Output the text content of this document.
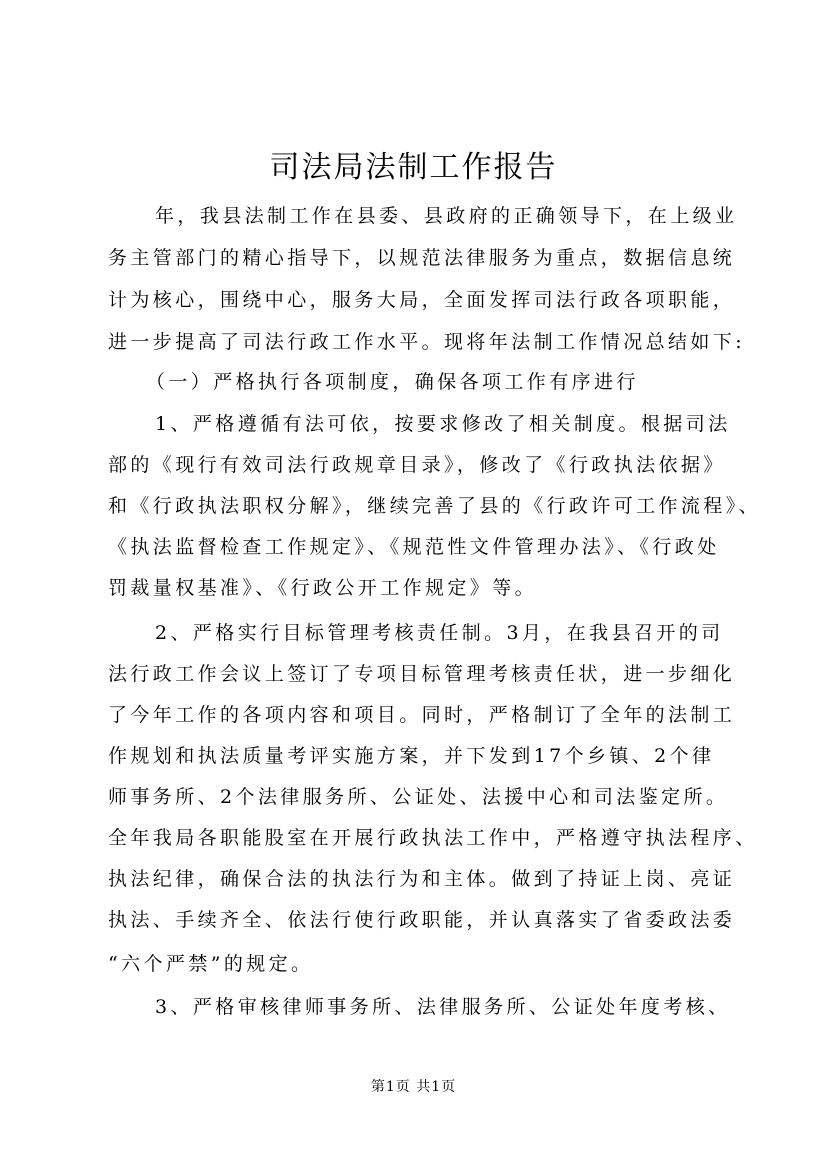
司法局法制工作报告
年，我县法制工作在县委、县政府的正确领导下，在上级业
务主管部门的精心指导下，以规范法律服务为重点，数据信息统
计为核心，围绕中心，服务大局，全面发挥司法行政各项职能，
进一步提高了司法行政工作水平。现将年法制工作情况总结如下:
（一）严格执行各项制度，确保各项工作有序进行
1、严格遵循有法可依，按要求修改了相关制度。根据司法
部的《现行有效司法行政规章目录》，修改了《行政执法依据》
和《行政执法职权分解》，继续完善了县的《行政许可工作流程》、
《执法监督检查工作规定》、《规范性文件管理办法》、《行政处
罚裁量权基准》、《行政公开工作规定》等。
2、严格实行目标管理考核责任制。3月，在我县召开的司
法行政工作会议上签订了专项目标管理考核责任状，进一步细化
了今年工作的各项内容和项目。同时，严格制订了全年的法制工
作规划和执法质量考评实施方案，并下发到17个乡镇、2个律
师事务所、2个法律服务所、公证处、法援中心和司法鉴定所。
全年我局各职能股室在开展行政执法工作中，严格遵守执法程序、
执法纪律，确保合法的执法行为和主体。做到了持证上岗、亮证
执法、手续齐全、依法行使行政职能，并认真落实了省委政法委
“六个严禁”的规定。
3、严格审核律师事务所、法律服务所、公证处年度考核、
第1页 共1页
